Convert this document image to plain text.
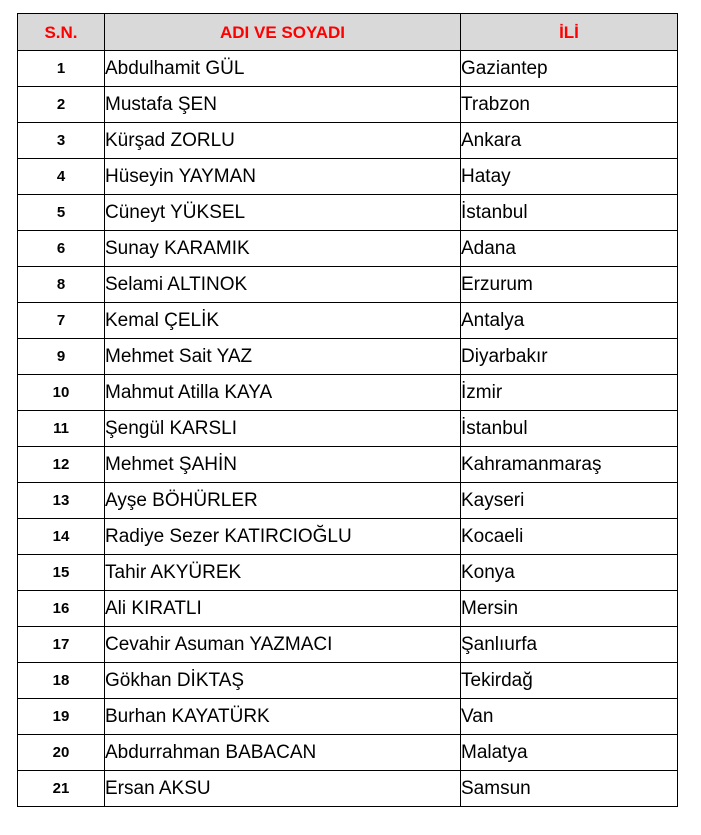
S.N.	ADI VE SOYADI	İLİ
1	Abdulhamit GÜL	Gaziantep
2	Mustafa ŞEN	Trabzon
3	Kürşad ZORLU	Ankara
4	Hüseyin YAYMAN	Hatay
5	Cüneyt YÜKSEL	İstanbul
6	Sunay KARAMIK	Adana
8	Selami ALTINOK	Erzurum
7	Kemal ÇELİK	Antalya
9	Mehmet Sait YAZ	Diyarbakır
10	Mahmut Atilla KAYA	İzmir
11	Şengül KARSLI	İstanbul
12	Mehmet ŞAHİN	Kahramanmaraş
13	Ayşe BÖHÜRLER	Kayseri
14	Radiye Sezer KATIRCIOĞLU	Kocaeli
15	Tahir AKYÜREK	Konya
16	Ali KIRATLI	Mersin
17	Cevahir Asuman YAZMACI	Şanlıurfa
18	Gökhan DİKTAŞ	Tekirdağ
19	Burhan KAYATÜRK	Van
20	Abdurrahman BABACAN	Malatya
21	Ersan AKSU	Samsun
